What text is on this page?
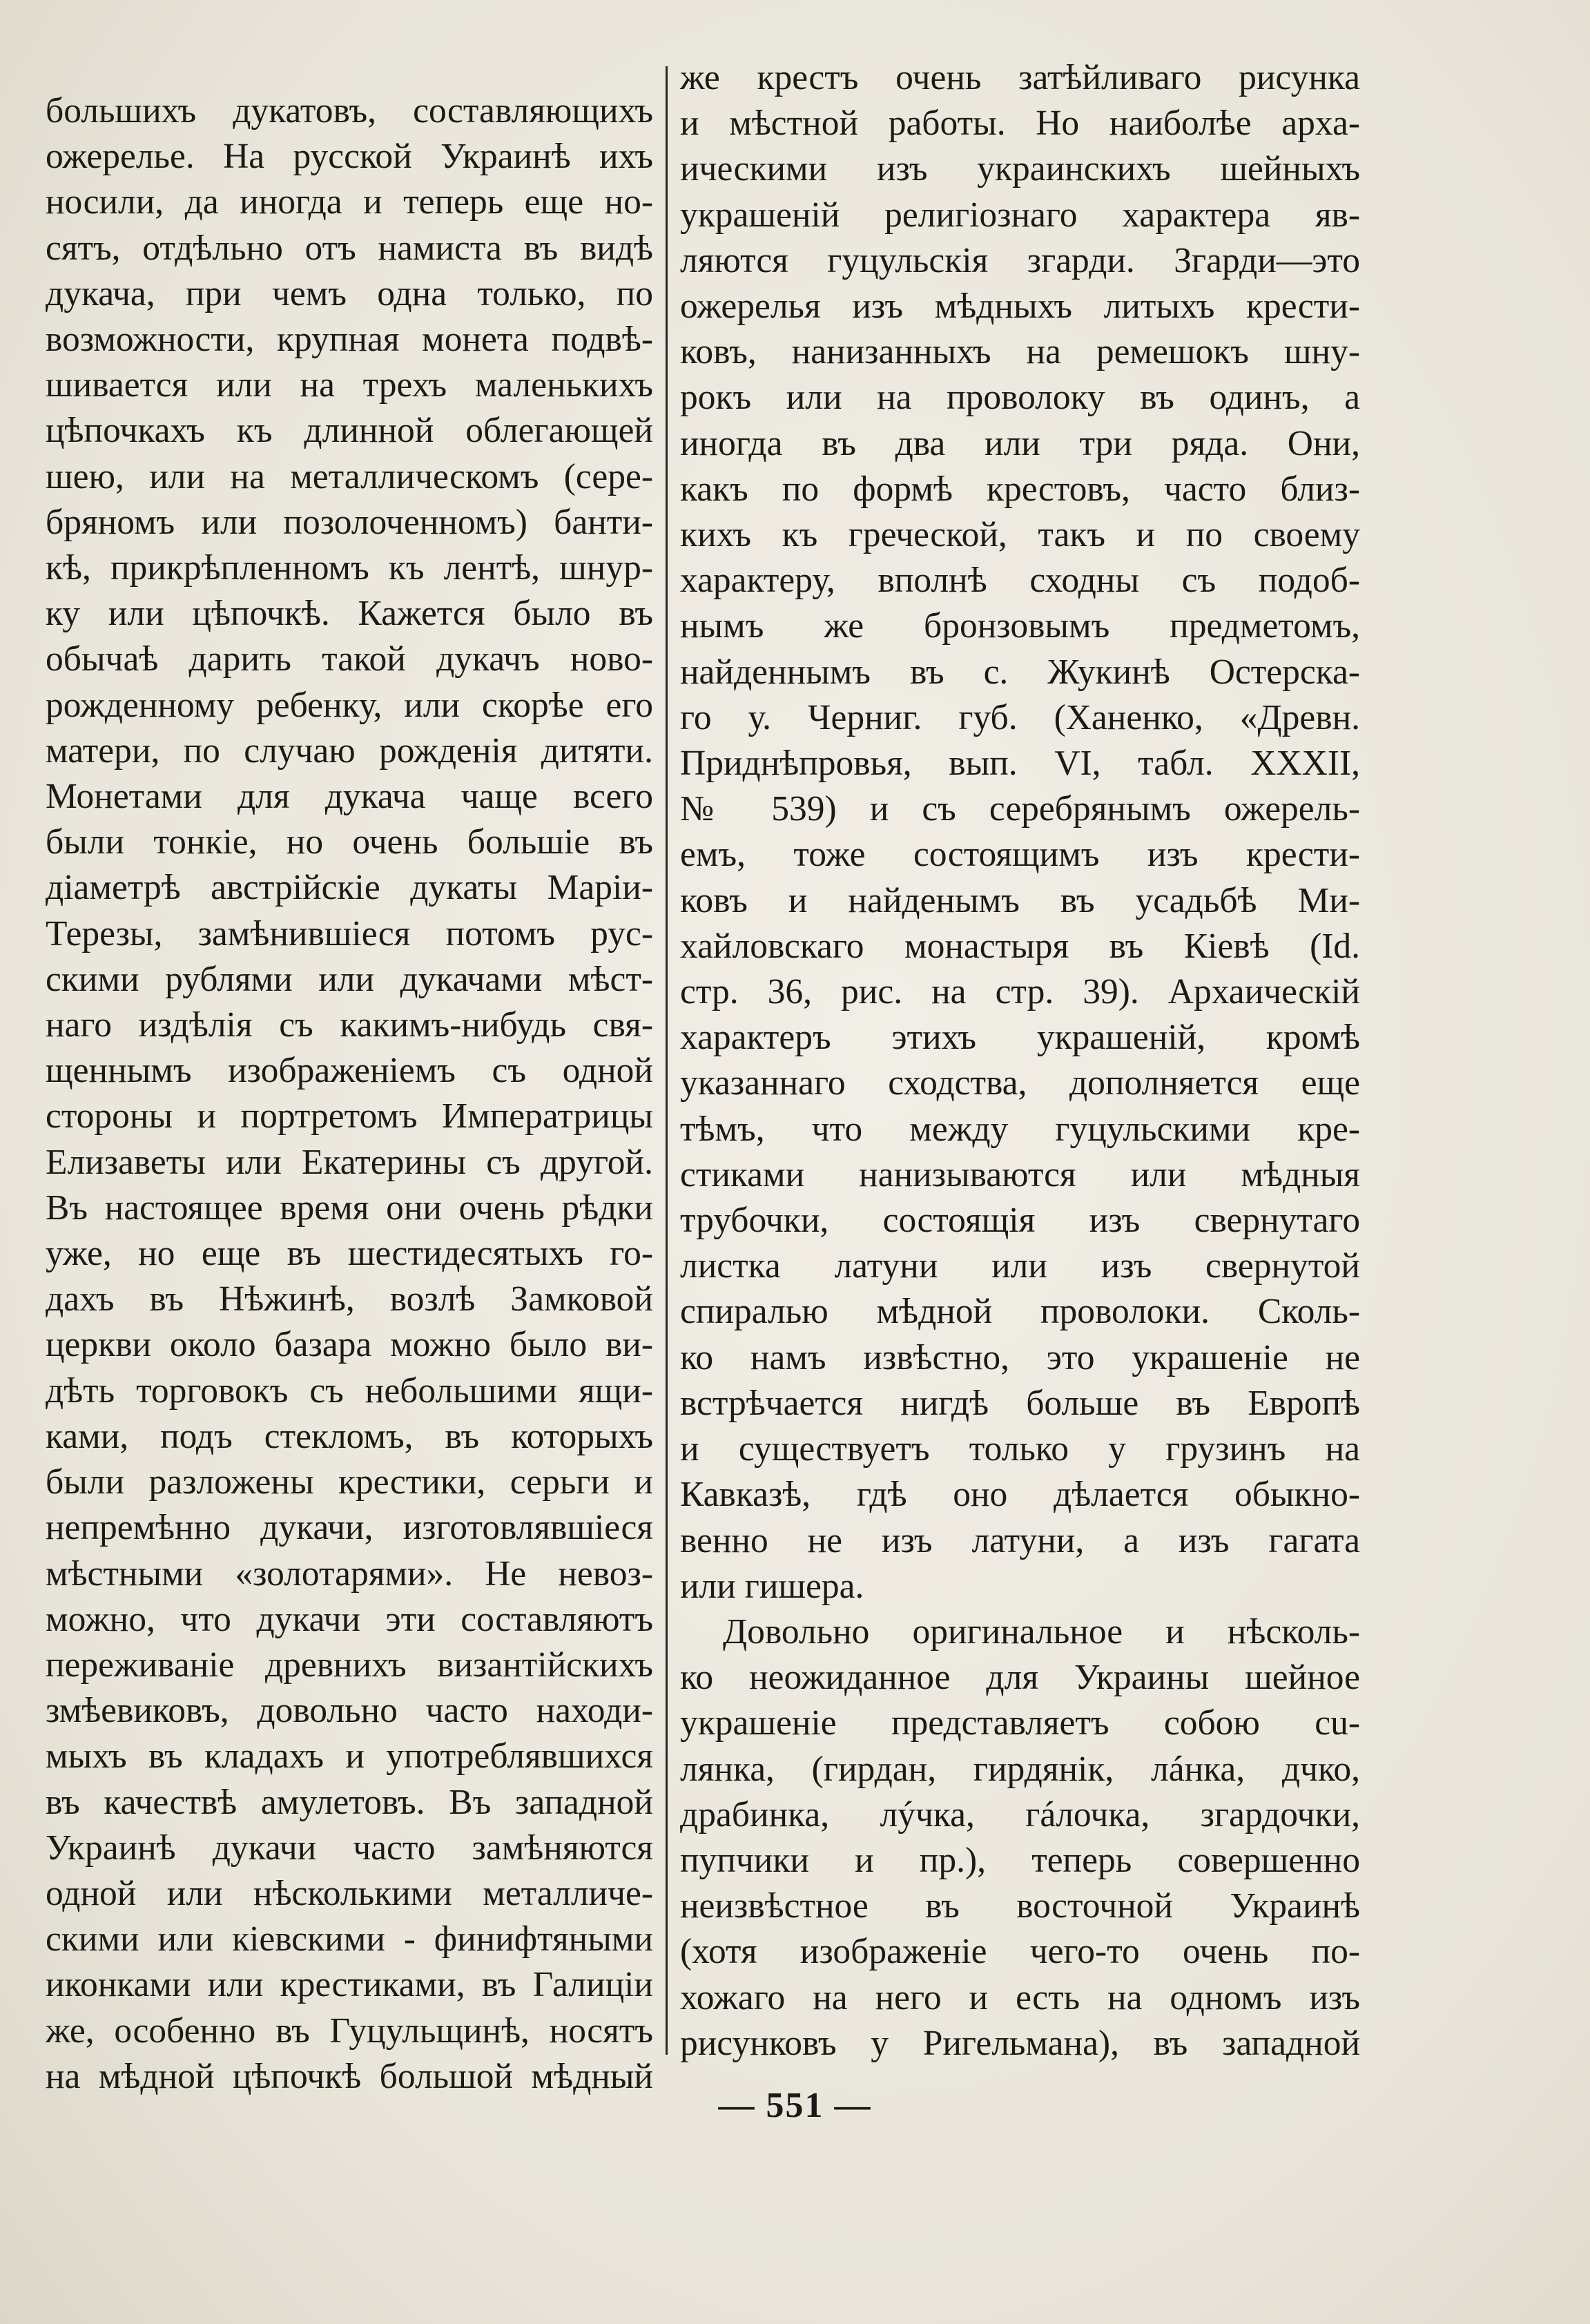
большихъ дукатовъ, составляющихъ
ожерелье. На русской Украинѣ ихъ
носили, да иногда и теперь еще но-
сятъ, отдѣльно отъ намиста въ видѣ
дукача, при чемъ одна только, по
возможности, крупная монета подвѣ-
шивается или на трехъ маленькихъ
цѣпочкахъ къ длинной облегающей
шею, или на металлическомъ (сере-
бряномъ или позолоченномъ) банти-
кѣ, прикрѣпленномъ къ лентѣ, шнур-
ку или цѣпочкѣ. Кажется было въ
обычаѣ дарить такой дукачъ ново-
рожденному ребенку, или скорѣе его
матери, по случаю рожденія дитяти.
Монетами для дукача чаще всего
были тонкіе, но очень большіе въ
діаметрѣ австрійскіе дукаты Маріи-
Терезы, замѣнившіеся потомъ рус-
скими рублями или дукачами мѣст-
наго издѣлія съ какимъ-нибудь свя-
щеннымъ изображеніемъ съ одной
стороны и портретомъ Императрицы
Елизаветы или Екатерины съ другой.
Въ настоящее время они очень рѣдки
уже, но еще въ шестидесятыхъ го-
дахъ въ Нѣжинѣ, возлѣ Замковой
церкви около базара можно было ви-
дѣть торговокъ съ небольшими ящи-
ками, подъ стекломъ, въ которыхъ
были разложены крестики, серьги и
непремѣнно дукачи, изготовлявшіеся
мѣстными «золотарями». Не невоз-
можно, что дукачи эти составляютъ
переживаніе древнихъ византійскихъ
змѣевиковъ, довольно часто находи-
мыхъ въ кладахъ и употреблявшихся
въ качествѣ амулетовъ. Въ западной
Украинѣ дукачи часто замѣняются
одной или нѣсколькими металличе-
скими или кіевскими - финифтяными
иконками или крестиками, въ Галиціи
же, особенно въ Гуцульщинѣ, носятъ
на мѣдной цѣпочкѣ большой мѣдный
же крестъ очень затѣйливаго рисунка
и мѣстной работы. Но наиболѣе арха-
ическими изъ украинскихъ шейныхъ
украшеній религіознаго характера яв-
ляются гуцульскія згарди. Згарди—это
ожерелья изъ мѣдныхъ литыхъ крести-
ковъ, нанизанныхъ на ремешокъ шну-
рокъ или на проволоку въ одинъ, а
иногда въ два или три ряда. Они,
какъ по формѣ крестовъ, часто близ-
кихъ къ греческой, такъ и по своему
характеру, вполнѣ сходны съ подоб-
нымъ же бронзовымъ предметомъ,
найденнымъ въ с. Жукинѣ Остерска-
го у. Черниг. губ. (Ханенко, «Древн.
Приднѣпровья, вып. VI, табл. XXXII,
№ 539) и съ серебрянымъ ожерель-
емъ, тоже состоящимъ изъ крести-
ковъ и найденымъ въ усадьбѣ Ми-
хайловскаго монастыря въ Кіевѣ (Id.
стр. 36, рис. на стр. 39). Архаическій
характеръ этихъ украшеній, кромѣ
указаннаго сходства, дополняется еще
тѣмъ, что между гуцульскими кре-
стиками нанизываются или мѣдныя
трубочки, состоящія изъ свернутаго
листка латуни или изъ свернутой
спиралью мѣдной проволоки. Сколь-
ко намъ извѣстно, это украшеніе не
встрѣчается нигдѣ больше въ Европѣ
и существуетъ только у грузинъ на
Кавказѣ, гдѣ оно дѣлается обыкно-
венно не изъ латуни, а изъ гагата
или гишера.
Довольно оригинальное и нѣсколь-
ко неожиданное для Украины шейное
украшеніе представляетъ собою сu-
лянка, (гирдан, гирдянік, лáнка, дчко,
драбинка, лýчка, гáлочка, згардочки,
пупчики и пр.), теперь совершенно
неизвѣстное въ восточной Украинѣ
(хотя изображеніе чего-то очень по-
хожаго на него и есть на одномъ изъ
рисунковъ у Ригельмана), въ западной
— 551 —
